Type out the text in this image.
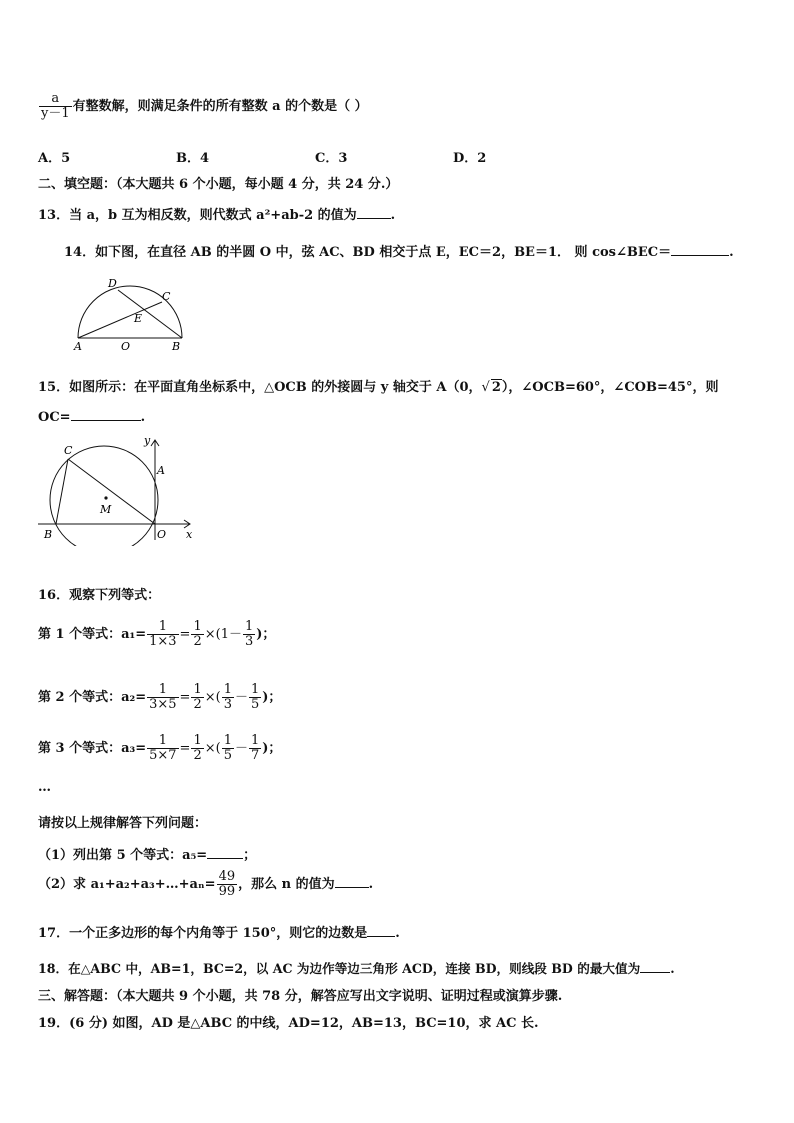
$\frac{a}{y-1}$ 有整数解，则满足条件的所有整数 a 的个数是（ ）
A．5	B．4	C．3	D．2
二、填空题：（本大题共 6 个小题，每小题 4 分，共 24 分.）
13．当 a，b 互为相反数，则代数式 a²+ab-2 的值为	.
14．如下图，在直径 AB 的半圆 O 中，弦 AC、BD 相交于点 E，EC＝2，BE＝1． 则 cos∠BEC＝	.
D
C
E
A	O	B
15．如图所示：在平面直角坐标系中，△OCB 的外接圆与 y 轴交于 A（0，√ 2），∠OCB=60°，∠COB=45°，则
OC=	.
C
y
A
M
B	O x
16．观察下列等式：
第 1 个等式：$a_1= \frac{1}{1\times 3} = \frac{1}{2} \times(1- \frac{1}{3}$ )；
第 2 个等式：$a_2= \frac{1}{3\times 5} = \frac{1}{2}$ ×( $\frac{1}{3} - \frac{1}{5}$ )；
第 3 个等式：$a_3= \frac{1}{5\times 7} = \frac{1}{2}$ ×( $\frac{1}{5} - \frac{1}{7}$ )；
…
请按以上规律解答下列问题：
（1）列出第 5 个等式：a₅=	；
（2）求 a₁+a₂+a₃+…+aₙ= $\frac{49}{99}$ ，那么 n 的值为	.
17．一个正多边形的每个内角等于 150°，则它的边数是 .
18．在△ABC 中，AB=1，BC=2，以 AC 为边作等边三角形 ACD，连接 BD，则线段 BD 的最大值为 .
三、解答题：（本大题共 9 个小题，共 78 分，解答应写出文字说明、证明过程或演算步骤.
19．(6 分) 如图，AD 是△ABC 的中线，AD=12，AB=13，BC=10，求 AC 长.
